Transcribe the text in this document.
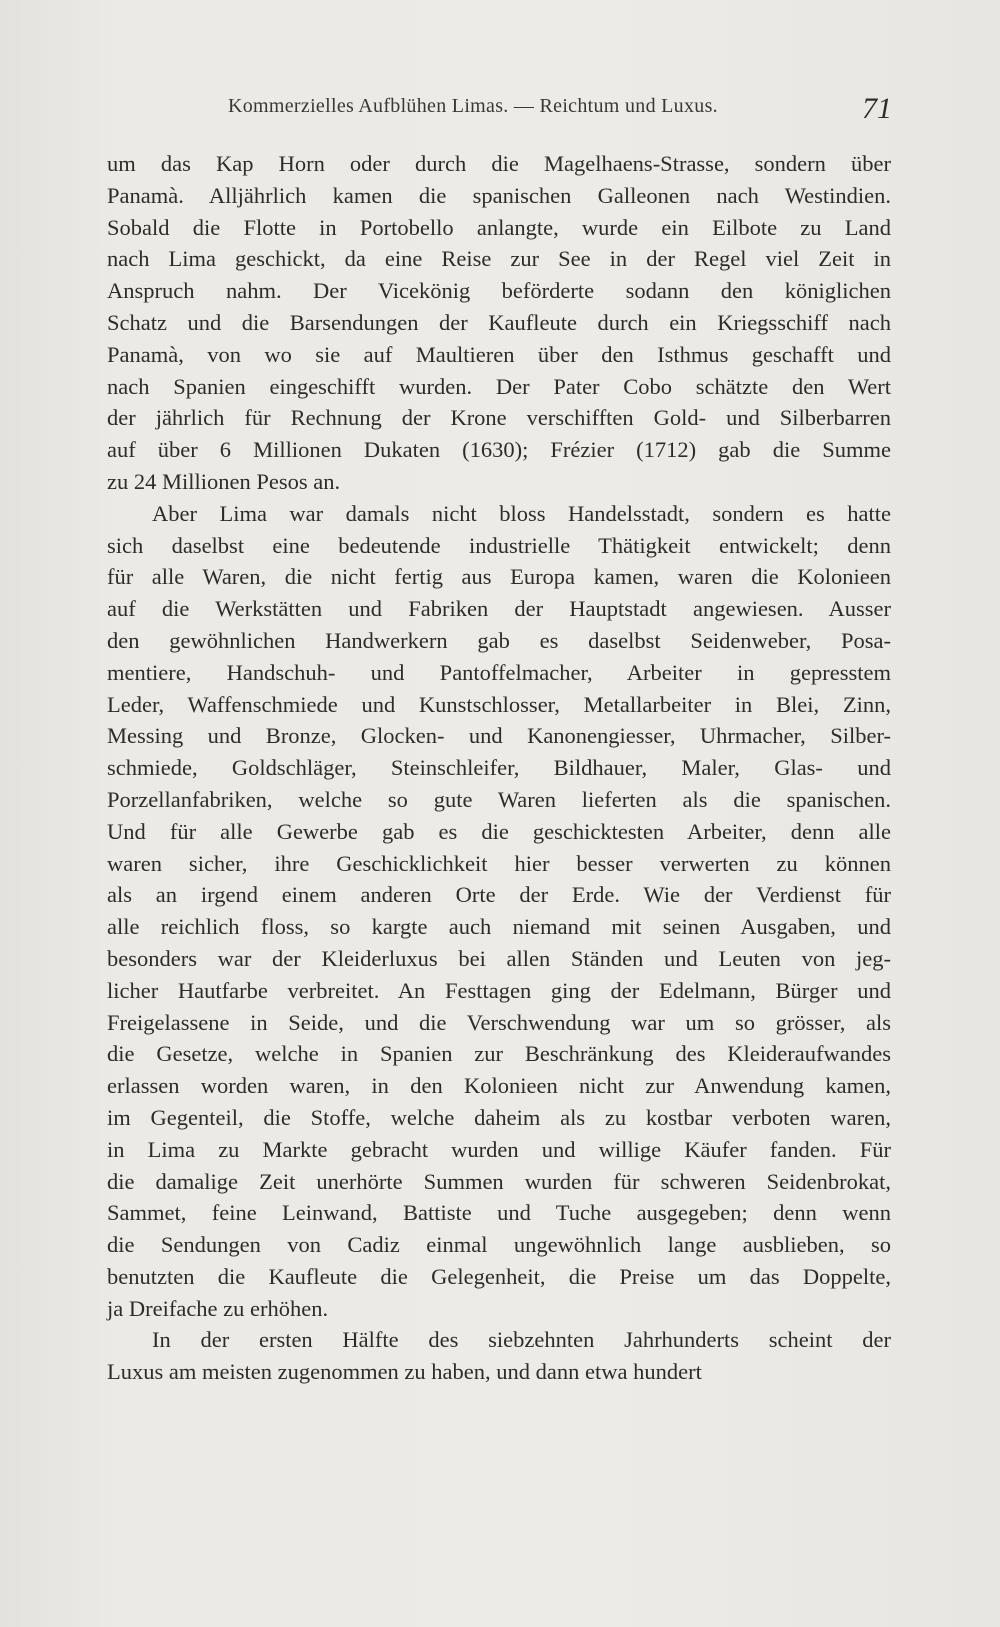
Kommerzielles Aufblühen Limas. — Reichtum und Luxus.	71
um das Kap Horn oder durch die Magelhaens-Strasse, sondern über
Panamà. Alljährlich kamen die spanischen Galleonen nach Westindien.
Sobald die Flotte in Portobello anlangte, wurde ein Eilbote zu Land
nach Lima geschickt, da eine Reise zur See in der Regel viel Zeit in
Anspruch nahm. Der Vicekönig beförderte sodann den königlichen
Schatz und die Barsendungen der Kaufleute durch ein Kriegsschiff nach
Panamà, von wo sie auf Maultieren über den Isthmus geschafft und
nach Spanien eingeschifft wurden. Der Pater Cobo schätzte den Wert
der jährlich für Rechnung der Krone verschifften Gold- und Silberbarren
auf über 6 Millionen Dukaten (1630); Frézier (1712) gab die Summe
zu 24 Millionen Pesos an.
Aber Lima war damals nicht bloss Handelsstadt, sondern es hatte
sich daselbst eine bedeutende industrielle Thätigkeit entwickelt; denn
für alle Waren, die nicht fertig aus Europa kamen, waren die Kolonieen
auf die Werkstätten und Fabriken der Hauptstadt angewiesen. Ausser
den gewöhnlichen Handwerkern gab es daselbst Seidenweber, Posa-
mentiere, Handschuh- und Pantoffelmacher, Arbeiter in gepresstem
Leder, Waffenschmiede und Kunstschlosser, Metallarbeiter in Blei, Zinn,
Messing und Bronze, Glocken- und Kanonengiesser, Uhrmacher, Silber-
schmiede, Goldschläger, Steinschleifer, Bildhauer, Maler, Glas- und
Porzellanfabriken, welche so gute Waren lieferten als die spanischen.
Und für alle Gewerbe gab es die geschicktesten Arbeiter, denn alle
waren sicher, ihre Geschicklichkeit hier besser verwerten zu können
als an irgend einem anderen Orte der Erde. Wie der Verdienst für
alle reichlich floss, so kargte auch niemand mit seinen Ausgaben, und
besonders war der Kleiderluxus bei allen Ständen und Leuten von jeg-
licher Hautfarbe verbreitet. An Festtagen ging der Edelmann, Bürger und
Freigelassene in Seide, und die Verschwendung war um so grösser, als
die Gesetze, welche in Spanien zur Beschränkung des Kleideraufwandes
erlassen worden waren, in den Kolonieen nicht zur Anwendung kamen,
im Gegenteil, die Stoffe, welche daheim als zu kostbar verboten waren,
in Lima zu Markte gebracht wurden und willige Käufer fanden. Für
die damalige Zeit unerhörte Summen wurden für schweren Seidenbrokat,
Sammet, feine Leinwand, Battiste und Tuche ausgegeben; denn wenn
die Sendungen von Cadiz einmal ungewöhnlich lange ausblieben, so
benutzten die Kaufleute die Gelegenheit, die Preise um das Doppelte,
ja Dreifache zu erhöhen.
In der ersten Hälfte des siebzehnten Jahrhunderts scheint der
Luxus am meisten zugenommen zu haben, und dann etwa hundert
